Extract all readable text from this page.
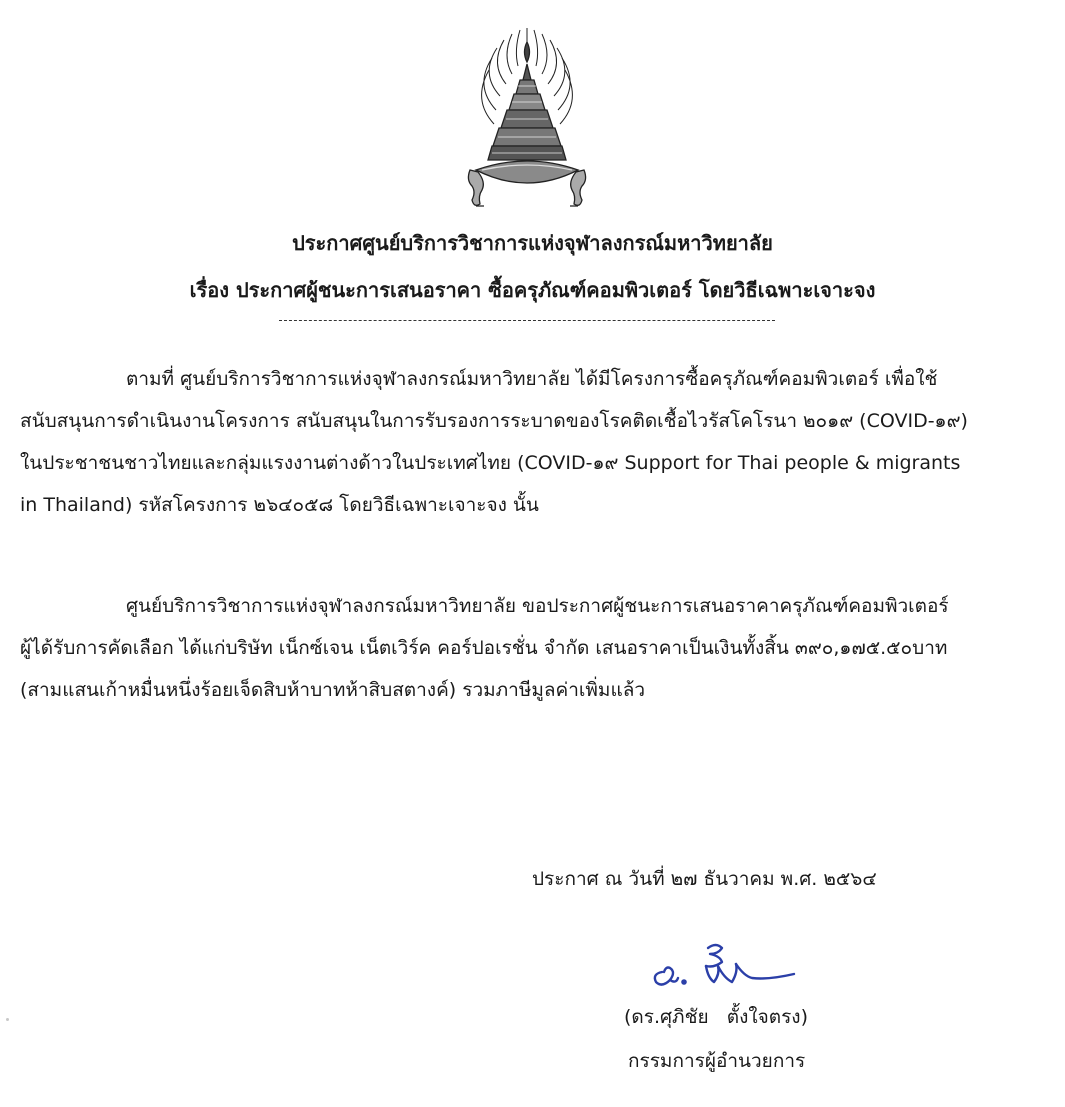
ประกาศศูนย์บริการวิชาการแห่งจุฬาลงกรณ์มหาวิทยาลัย
เรื่อง ประกาศผู้ชนะการเสนอราคา ซื้อครุภัณฑ์คอมพิวเตอร์ โดยวิธีเฉพาะเจาะจง
ตามที่ ศูนย์บริการวิชาการแห่งจุฬาลงกรณ์มหาวิทยาลัย ได้มีโครงการซื้อครุภัณฑ์คอมพิวเตอร์ เพื่อใช้
สนับสนุนการดำเนินงานโครงการ สนับสนุนในการรับรองการระบาดของโรคติดเชื้อไวรัสโคโรนา ๒๐๑๙ (COVID-๑๙)
ในประชาชนชาวไทยและกลุ่มแรงงานต่างด้าวในประเทศไทย (COVID-๑๙ Support for Thai people & migrants
in Thailand) รหัสโครงการ ๒๖๔๐๕๘ โดยวิธีเฉพาะเจาะจง นั้น
ศูนย์บริการวิชาการแห่งจุฬาลงกรณ์มหาวิทยาลัย ขอประกาศผู้ชนะการเสนอราคาครุภัณฑ์คอมพิวเตอร์
ผู้ได้รับการคัดเลือก ได้แก่บริษัท เน็กซ์เจน เน็ตเวิร์ค คอร์ปอเรชั่น จำกัด เสนอราคาเป็นเงินทั้งสิ้น ๓๙๐,๑๗๕.๕๐บาท
(สามแสนเก้าหมื่นหนึ่งร้อยเจ็ดสิบห้าบาทห้าสิบสตางค์) รวมภาษีมูลค่าเพิ่มแล้ว
ประกาศ ณ วันที่ ๒๗ ธันวาคม พ.ศ. ๒๕๖๔
(ดร.ศุภิชัย   ตั้งใจตรง)
กรรมการผู้อำนวยการ
